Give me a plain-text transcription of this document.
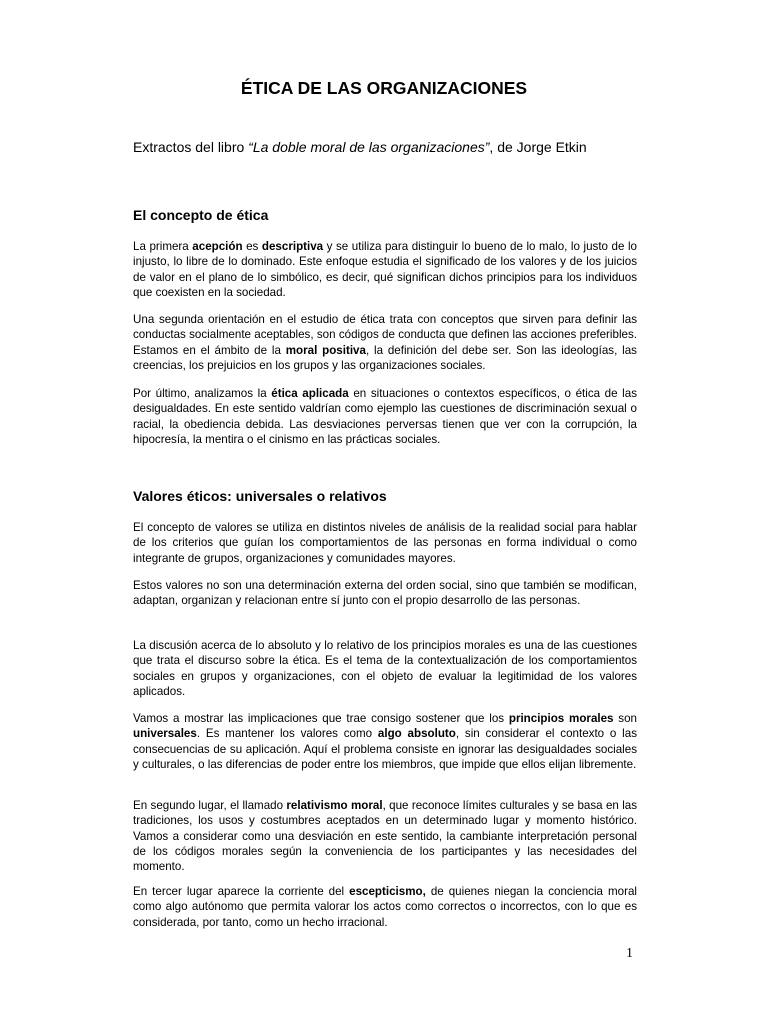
ÉTICA DE LAS ORGANIZACIONES
Extractos del libro “La doble moral de las organizaciones”, de Jorge Etkin
El concepto de ética

La primera acepción es descriptiva y se utiliza para distinguir lo bueno de lo malo, lo justo de lo injusto, lo libre de lo dominado. Este enfoque estudia el significado de los valores y de los juicios de valor en el plano de lo simbólico, es decir, qué significan dichos principios para los individuos que coexisten en la sociedad.

Una segunda orientación en el estudio de ética trata con conceptos que sirven para definir las conductas socialmente aceptables, son códigos de conducta que definen las acciones preferibles. Estamos en el ámbito de la moral positiva, la definición del debe ser. Son las ideologías, las creencias, los prejuicios en los grupos y las organizaciones sociales.

Por último, analizamos la ética aplicada en situaciones o contextos específicos, o ética de las desigualdades. En este sentido valdrían como ejemplo las cuestiones de discriminación sexual o racial, la obediencia debida. Las desviaciones perversas tienen que ver con la corrupción, la hipocresía, la mentira o el cinismo en las prácticas sociales.

Valores éticos: universales o relativos

El concepto de valores se utiliza en distintos niveles de análisis de la realidad social para hablar de los criterios que guían los comportamientos de las personas en forma individual o como integrante de grupos, organizaciones y comunidades mayores.

Estos valores no son una determinación externa del orden social, sino que también se modifican, adaptan, organizan y relacionan entre sí junto con el propio desarrollo de las personas.

La discusión acerca de lo absoluto y lo relativo de los principios morales es una de las cuestiones que trata el discurso sobre la ética. Es el tema de la contextualización de los comportamientos sociales en grupos y organizaciones, con el objeto de evaluar la legitimidad de los valores aplicados.

Vamos a mostrar las implicaciones que trae consigo sostener que los principios morales son universales. Es mantener los valores como algo absoluto, sin considerar el contexto o las consecuencias de su aplicación. Aquí el problema consiste en ignorar las desigualdades sociales y culturales, o las diferencias de poder entre los miembros, que impide que ellos elijan libremente.

En segundo lugar, el llamado relativismo moral, que reconoce límites culturales y se basa en las tradiciones, los usos y costumbres aceptados en un determinado lugar y momento histórico. Vamos a considerar como una desviación en este sentido, la cambiante interpretación personal de los códigos morales según la conveniencia de los participantes y las necesidades del momento.

En tercer lugar aparece la corriente del escepticismo, de quienes niegan la conciencia moral como algo autónomo que permita valorar los actos como correctos o incorrectos, con lo que es considerada, por tanto, como un hecho irracional.

1
